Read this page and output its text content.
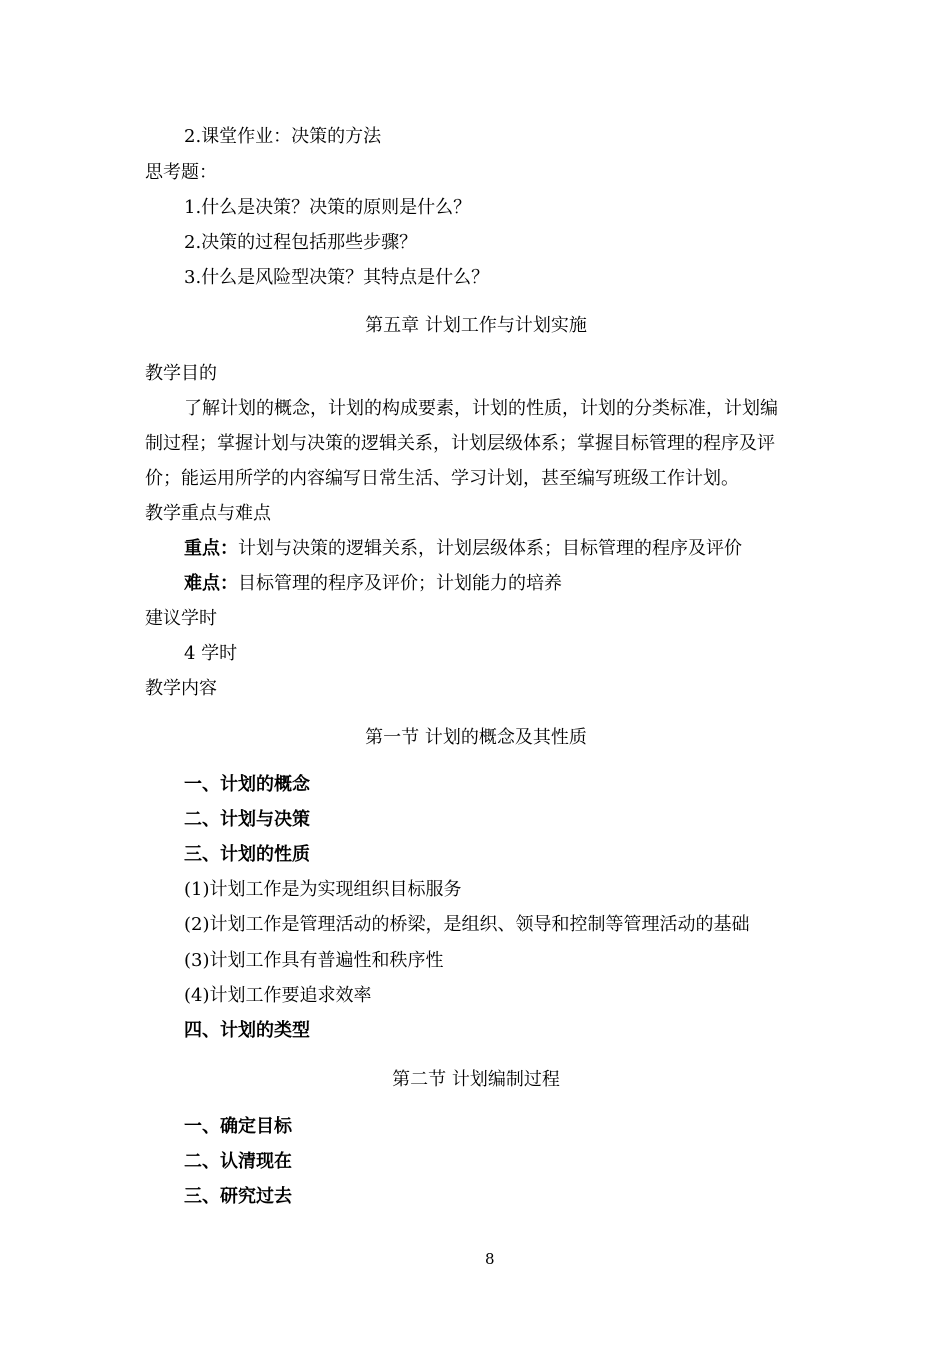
2.课堂作业：决策的方法
思考题：
1.什么是决策？决策的原则是什么？
2.决策的过程包括那些步骤？
3.什么是风险型决策？其特点是什么？
第五章 计划工作与计划实施
教学目的
了解计划的概念，计划的构成要素，计划的性质，计划的分类标准，计划编
制过程；掌握计划与决策的逻辑关系，计划层级体系；掌握目标管理的程序及评
价；能运用所学的内容编写日常生活、学习计划，甚至编写班级工作计划。
教学重点与难点
重点：计划与决策的逻辑关系，计划层级体系；目标管理的程序及评价
难点：目标管理的程序及评价；计划能力的培养
建议学时
4 学时
教学内容
第一节 计划的概念及其性质
一、计划的概念
二、计划与决策
三、计划的性质
(1)计划工作是为实现组织目标服务
(2)计划工作是管理活动的桥梁，是组织、领导和控制等管理活动的基础
(3)计划工作具有普遍性和秩序性
(4)计划工作要追求效率
四、计划的类型
第二节 计划编制过程
一、确定目标
二、认清现在
三、研究过去
8
